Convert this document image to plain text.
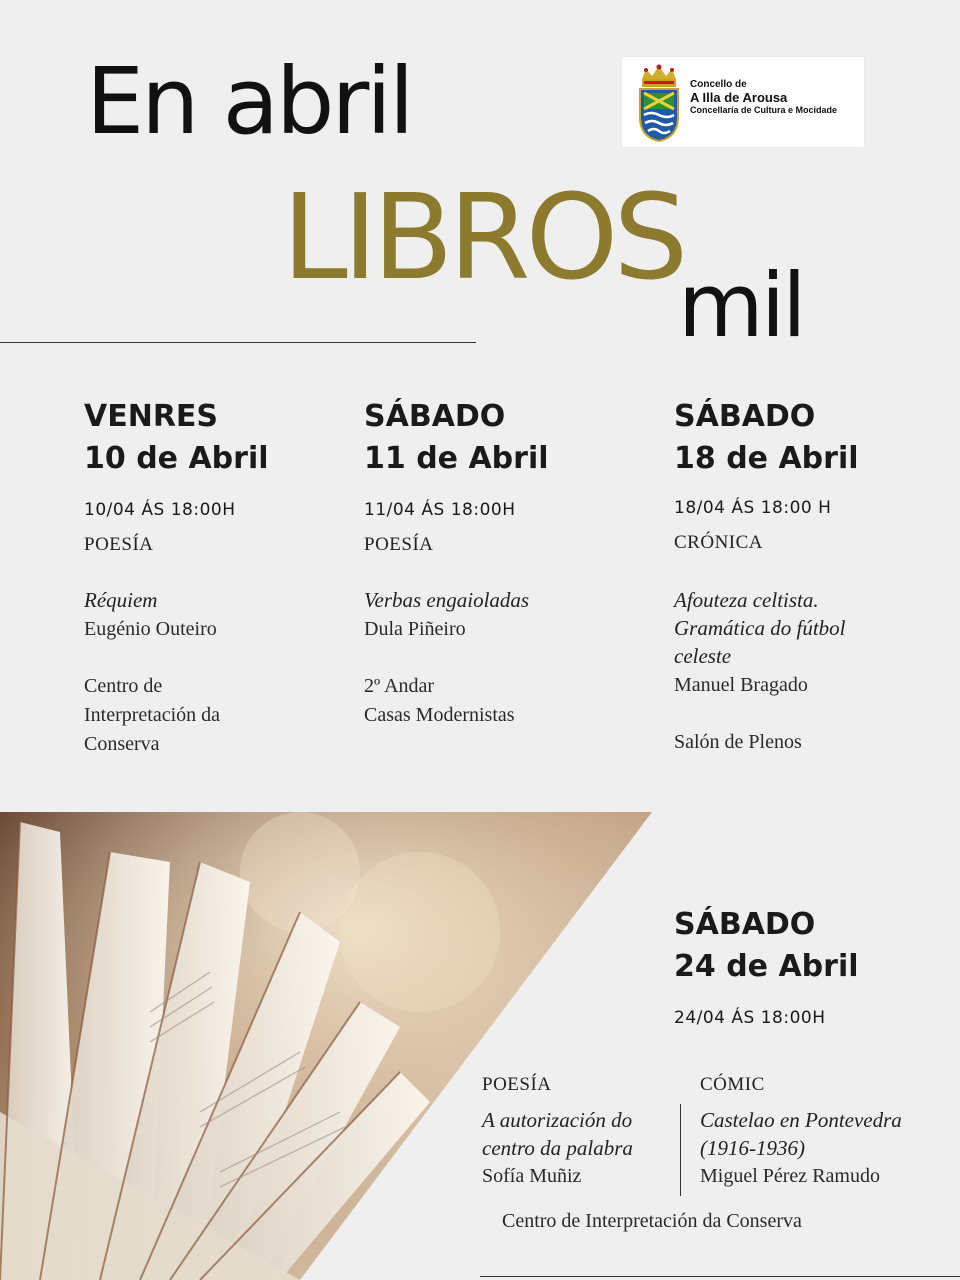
En abril
LIBROS
mil
Concello de
A Illa de Arousa
Concellaría de Cultura e Mocidade
VENRES
10 de Abril
10/04 ÁS 18:00H
POESÍA
Réquiem
Eugénio Outeiro
Centro de
Interpretación da
Conserva
SÁBADO
11 de Abril
11/04 ÁS 18:00H
POESÍA
Verbas engaioladas
Dula Piñeiro
2º Andar
Casas Modernistas
SÁBADO
18 de Abril
18/04 ÁS 18:00 H
CRÓNICA
Afouteza celtista.
Gramática do fútbol
celeste
Manuel Bragado
Salón de Plenos
SÁBADO
24 de Abril
24/04 ÁS 18:00H
POESÍA
A autorización do
centro da palabra
Sofía Muñiz
CÓMIC
Castelao en Pontevedra
(1916-1936)
Miguel Pérez Ramudo
Centro de Interpretación da Conserva
